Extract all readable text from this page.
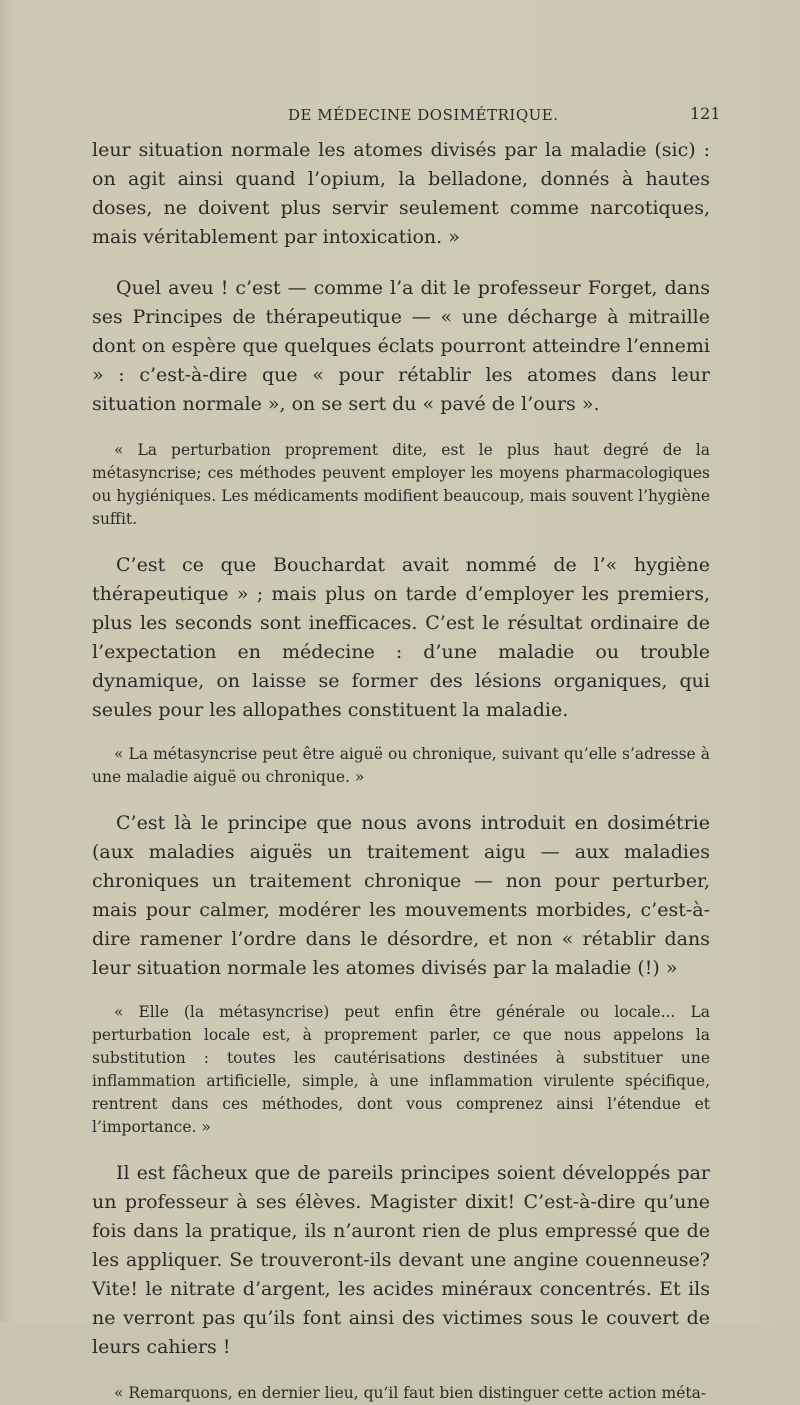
DE MÉDECINE DOSIMÉTRIQUE.	121

leur situation normale les atomes divisés par la maladie (sic) : on agit ainsi quand l’opium, la belladone, donnés à hautes doses, ne doivent plus servir seulement comme narcotiques, mais véritablement par intoxication. »

Quel aveu ! c’est — comme l’a dit le professeur Forget, dans ses Principes de thérapeutique — « une décharge à mitraille dont on espère que quelques éclats pourront atteindre l’ennemi » : c’est-à-dire que « pour rétablir les atomes dans leur situation normale », on se sert du « pavé de l’ours ».

« La perturbation proprement dite, est le plus haut degré de la métasyncrise; ces méthodes peuvent employer les moyens pharmacologiques ou hygiéniques. Les médicaments modifient beaucoup, mais souvent l’hygiène suffit.

C’est ce que Bouchardat avait nommé de l’« hygiène thérapeutique » ; mais plus on tarde d’employer les premiers, plus les seconds sont inefficaces. C’est le résultat ordinaire de l’expectation en médecine : d’une maladie ou trouble dynamique, on laisse se former des lésions organiques, qui seules pour les allopathes constituent la maladie.

« La métasyncrise peut être aiguë ou chronique, suivant qu’elle s’adresse à une maladie aiguë ou chronique. »

C’est là le principe que nous avons introduit en dosimétrie (aux maladies aiguës un traitement aigu — aux maladies chroniques un traitement chronique — non pour perturber, mais pour calmer, modérer les mouvements morbides, c’est-à-dire ramener l’ordre dans le désordre, et non « rétablir dans leur situation normale les atomes divisés par la maladie (!) »

« Elle (la métasyncrise) peut enfin être générale ou locale... La perturbation locale est, à proprement parler, ce que nous appelons la substitution : toutes les cautérisations destinées à substituer une inflammation artificielle, simple, à une inflammation virulente spécifique, rentrent dans ces méthodes, dont vous comprenez ainsi l’étendue et l’importance. »

Il est fâcheux que de pareils principes soient développés par un professeur à ses élèves. Magister dixit! C’est-à-dire qu’une fois dans la pratique, ils n’auront rien de plus empressé que de les appliquer. Se trouveront-ils devant une angine couenneuse? Vite! le nitrate d’argent, les acides minéraux concentrés. Et ils ne verront pas qu’ils font ainsi des victimes sous le couvert de leurs cahiers !

« Remarquons, en dernier lieu, qu’il faut bien distinguer cette action méta-
